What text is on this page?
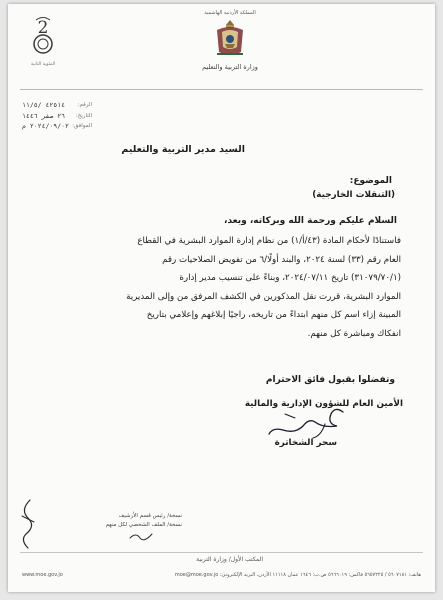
المملكة الأردنية الهاشمية
وزارة التربية والتعليم
2
المئوية الثانية
الرقم:
٤٢٥١٤ /١١/٥
التاريخ:
٢٦ صفر ١٤٤٦
الموافق:
٢٠٢٤/٠٩/٠٢ م
السيد مدير التربية والتعليم
الموضوع:
(التنقلات الخارجية)
السلام عليكم ورحمة الله وبركاته، وبعد،
فاستنادًا لأحكام المادة (٤٣/أ/١) من نظام إدارة الموارد البشرية في القطاع
العام رقم (٣٣) لسنة ٢٠٢٤، والبند أولًا/٦ من تفويض الصلاحيات رقم
(٣١٠٧٩/٧٠/١) تاريخ ٢٠٢٤/٠٧/١١، وبناءً على تنسيب مدير إدارة
الموارد البشرية، قررت نقل المذكورين في الكشف المرفق من وإلى المديرية
المبينة إزاء اسم كل منهم ابتداءً من تاريخه، راجيًا إبلاغهم وإعلامي بتاريخ
انفكاك ومباشرة كل منهم.
وتفضلوا بقبول فائق الاحترام
الأمين العام للشؤون الإدارية والمالية
سحر الشخاترة
نسخة/ رئيس قسم الأرشيف
نسخة/ الملف الشخصي لكل منهم
المكتب الأول/ وزارة التربية
هاتف: ٥٦٠٧١٨١ / ٥٦٥٧٢٢٥ فاكس: ٥٦٦٦٠١٩ ص.ب: ١٦٤٦ عمان ١١١١٨ الأردن، البريد الإلكتروني: moe@moe.gov.jo
www.moe.gov.jo
